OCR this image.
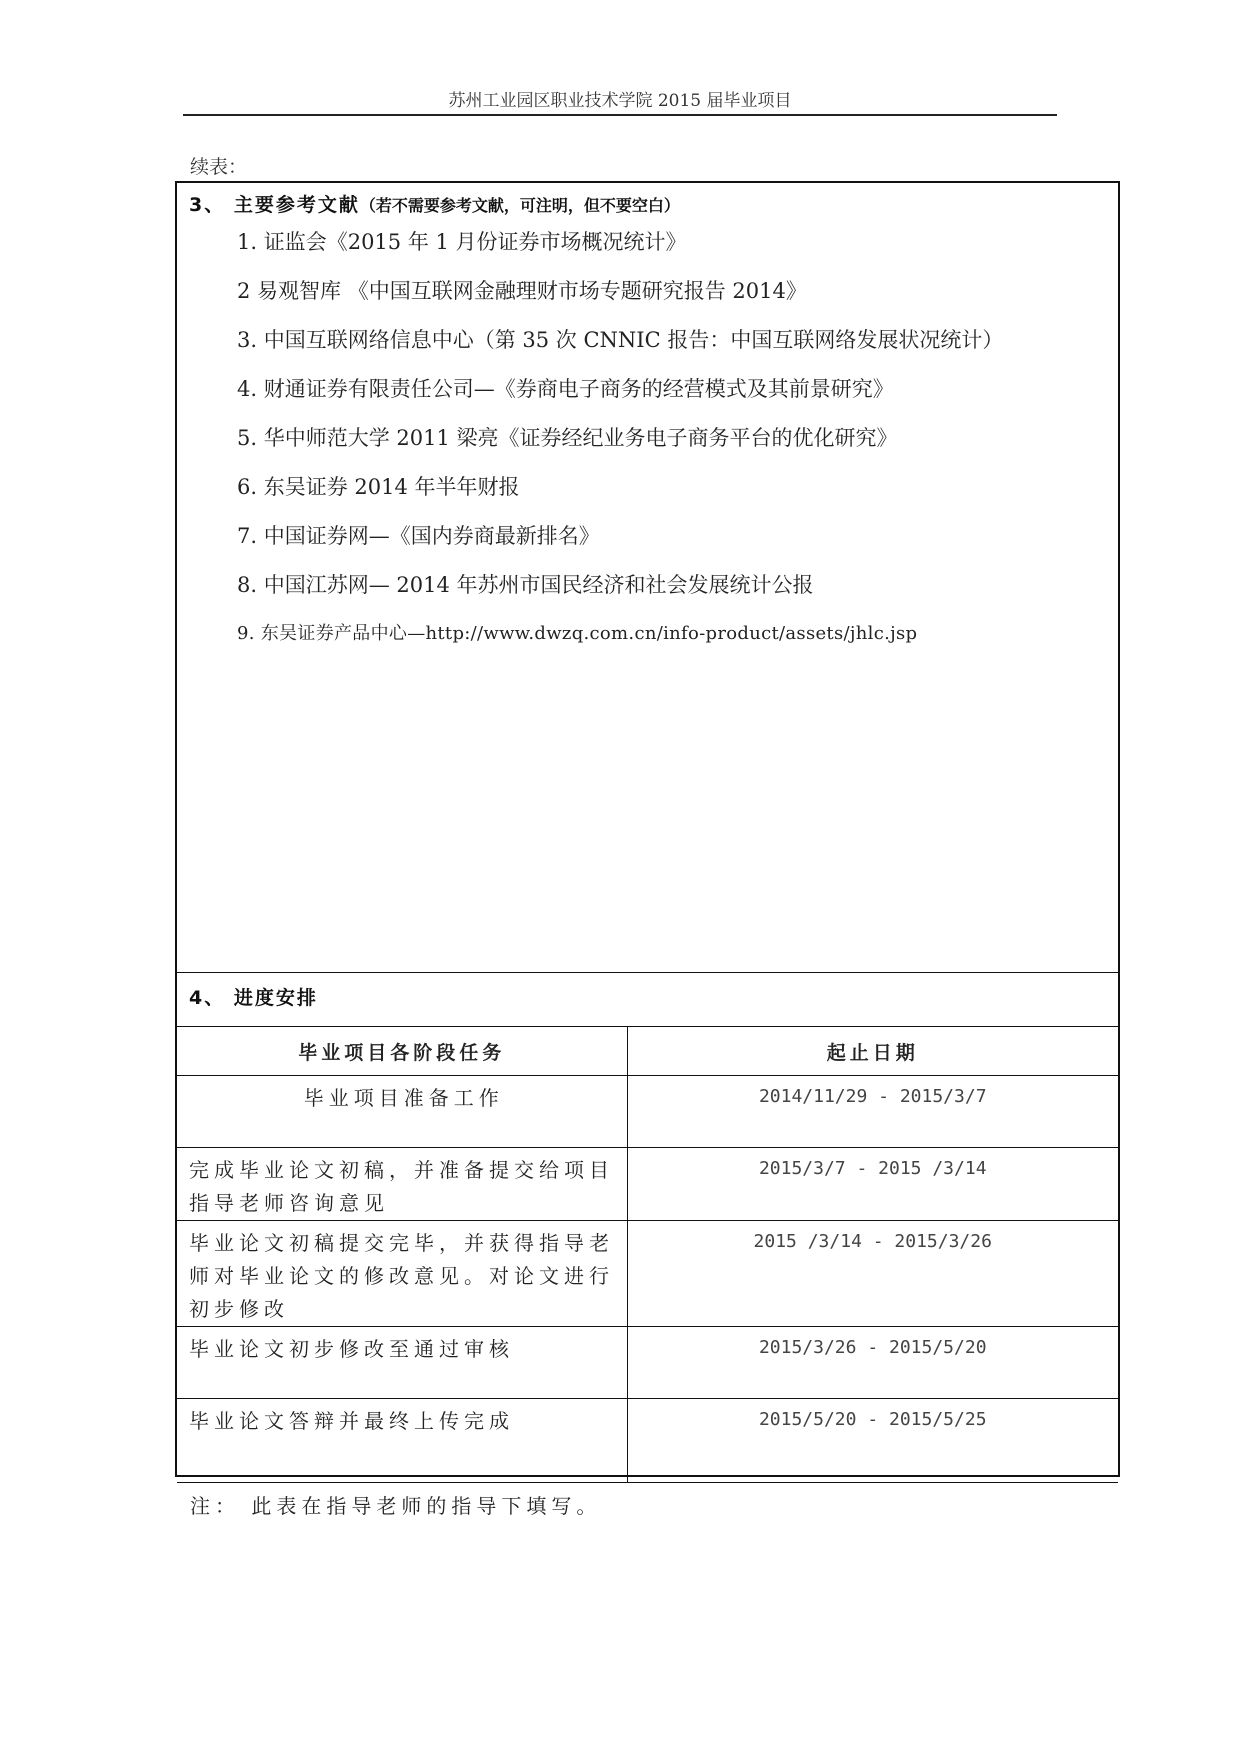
苏州工业园区职业技术学院 2015 届毕业项目
续表：
3、 主要参考文献（若不需要参考文献，可注明，但不要空白）
1. 证监会《2015 年 1 月份证券市场概况统计》
2 易观智库 《中国互联网金融理财市场专题研究报告 2014》
3. 中国互联网络信息中心（第 35 次 CNNIC 报告：中国互联网络发展状况统计）
4. 财通证券有限责任公司—《券商电子商务的经营模式及其前景研究》
5. 华中师范大学 2011 梁亮《证券经纪业务电子商务平台的优化研究》
6. 东吴证券 2014 年半年财报
7. 中国证券网—《国内券商最新排名》
8. 中国江苏网— 2014 年苏州市国民经济和社会发展统计公报
9. 东吴证券产品中心—http://www.dwzq.com.cn/info-product/assets/jhlc.jsp
4、 进度安排
毕业项目各阶段任务	起止日期
毕业项目准备工作	2014/11/29 - 2015/3/7
完成毕业论文初稿，并准备提交给项目指导老师咨询意见	2015/3/7 - 2015 /3/14
毕业论文初稿提交完毕，并获得指导老师对毕业论文的修改意见。对论文进行初步修改	2015 /3/14 - 2015/3/26
毕业论文初步修改至通过审核	2015/3/26 - 2015/5/20
毕业论文答辩并最终上传完成	2015/5/20 - 2015/5/25
注： 此表在指导老师的指导下填写。
